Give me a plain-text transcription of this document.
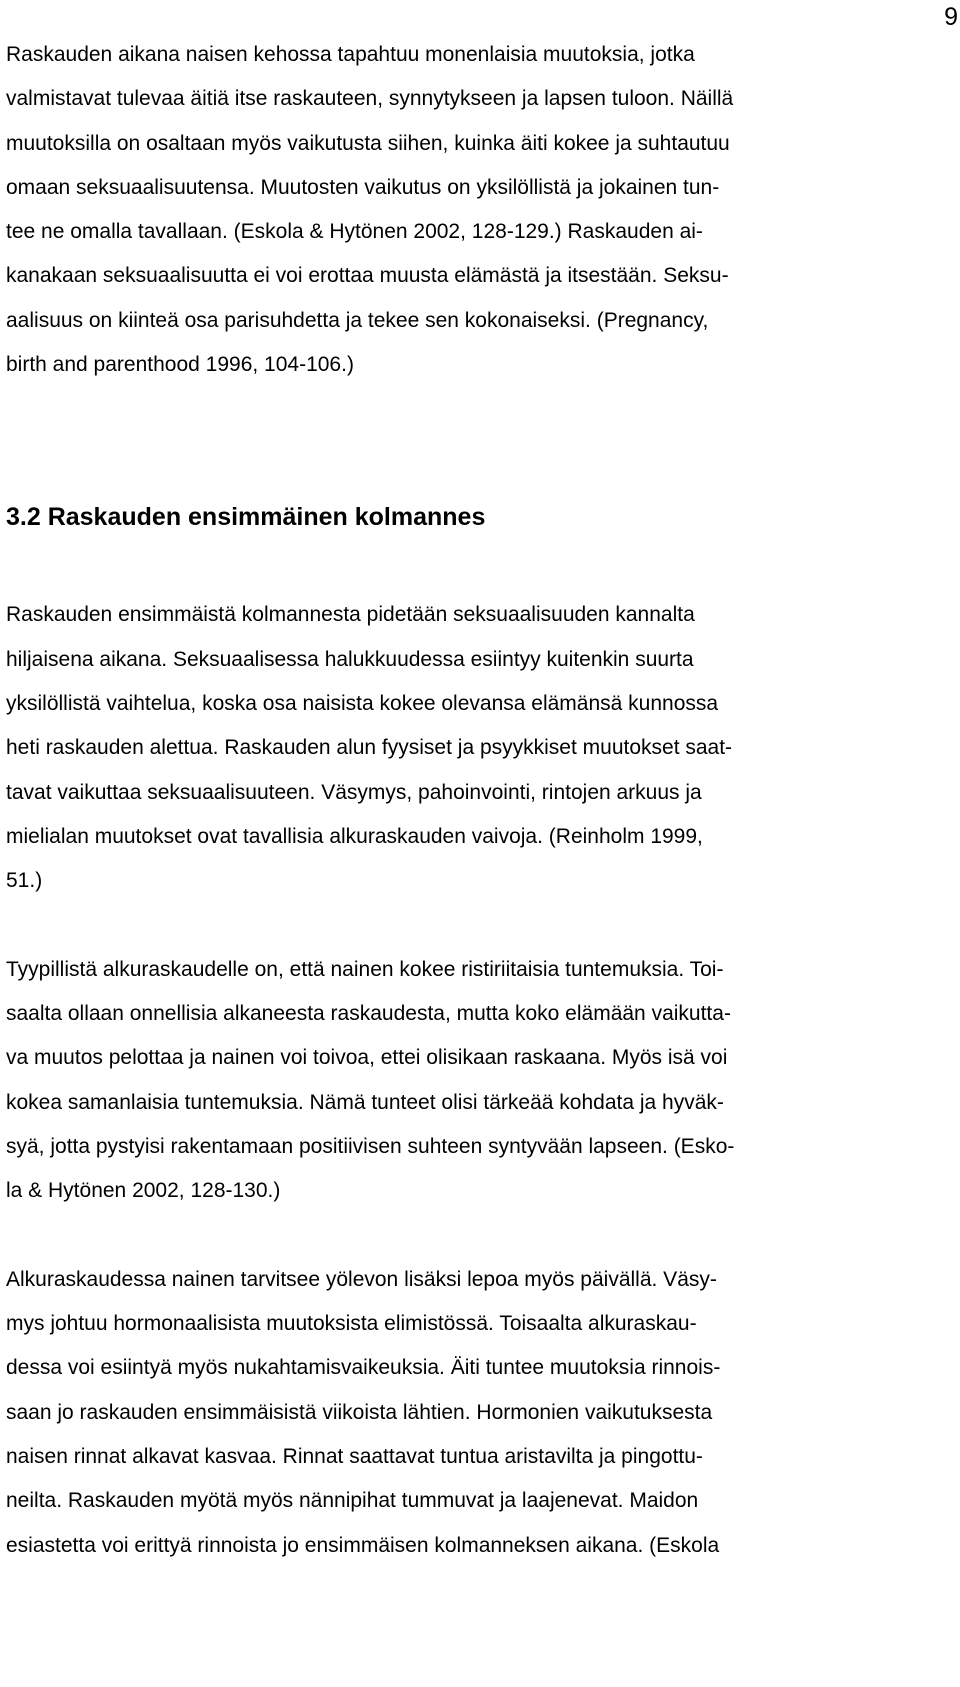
9
Raskauden aikana naisen kehossa tapahtuu monenlaisia muutoksia, jotka
valmistavat tulevaa äitiä itse raskauteen, synnytykseen ja lapsen tuloon. Näillä
muutoksilla on osaltaan myös vaikutusta siihen, kuinka äiti kokee ja suhtautuu
omaan seksuaalisuutensa. Muutosten vaikutus on yksilöllistä ja jokainen tun-
tee ne omalla tavallaan. (Eskola & Hytönen 2002, 128-129.) Raskauden ai-
kanakaan seksuaalisuutta ei voi erottaa muusta elämästä ja itsestään. Seksu-
aalisuus on kiinteä osa parisuhdetta ja tekee sen kokonaiseksi. (Pregnancy,
birth and parenthood 1996, 104-106.)
3.2 Raskauden ensimmäinen kolmannes
Raskauden ensimmäistä kolmannesta pidetään seksuaalisuuden kannalta
hiljaisena aikana. Seksuaalisessa halukkuudessa esiintyy kuitenkin suurta
yksilöllistä vaihtelua, koska osa naisista kokee olevansa elämänsä kunnossa
heti raskauden alettua. Raskauden alun fyysiset ja psyykkiset muutokset saat-
tavat vaikuttaa seksuaalisuuteen. Väsymys, pahoinvointi, rintojen arkuus ja
mielialan muutokset ovat tavallisia alkuraskauden vaivoja. (Reinholm 1999,
51.)
Tyypillistä alkuraskaudelle on, että nainen kokee ristiriitaisia tuntemuksia. Toi-
saalta ollaan onnellisia alkaneesta raskaudesta, mutta koko elämään vaikutta-
va muutos pelottaa ja nainen voi toivoa, ettei olisikaan raskaana. Myös isä voi
kokea samanlaisia tuntemuksia. Nämä tunteet olisi tärkeää kohdata ja hyväk-
syä, jotta pystyisi rakentamaan positiivisen suhteen syntyvään lapseen. (Esko-
la & Hytönen 2002, 128-130.)
Alkuraskaudessa nainen tarvitsee yölevon lisäksi lepoa myös päivällä. Väsy-
mys johtuu hormonaalisista muutoksista elimistössä. Toisaalta alkuraskau-
dessa voi esiintyä myös nukahtamisvaikeuksia. Äiti tuntee muutoksia rinnois-
saan jo raskauden ensimmäisistä viikoista lähtien. Hormonien vaikutuksesta
naisen rinnat alkavat kasvaa. Rinnat saattavat tuntua aristavilta ja pingottu-
neilta. Raskauden myötä myös nännipihat tummuvat ja laajenevat. Maidon
esiastetta voi erittyä rinnoista jo ensimmäisen kolmanneksen aikana. (Eskola
